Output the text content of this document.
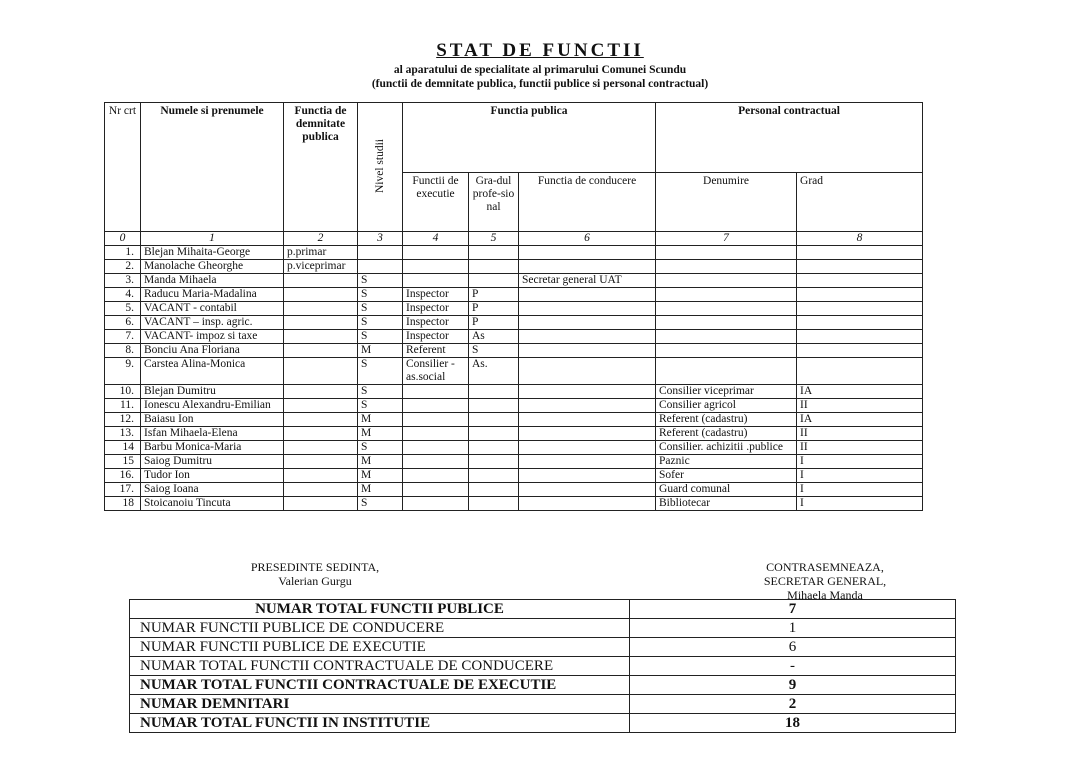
STAT DE FUNCTII
al aparatului de specialitate al primarului Comunei Scundu
(functii de demnitate publica, functii publice si personal contractual)
Nr crt	Numele si prenumele	Functia de demnitate publica	Nivel studii	Functia publica			Personal contractual	
				Functii de executie	Gra-dul profe-sional	Functia de conducere	Denumire	Grad
0	1	2	3	4	5	6	7	8
1.	Blejan Mihaita-George	p.primar						
2.	Manolache Gheorghe	p.viceprimar						
3.	Manda Mihaela		S			Secretar general UAT		
4.	Raducu Maria-Madalina		S	Inspector	P			
5.	VACANT - contabil		S	Inspector	P			
6.	VACANT – insp. agric.		S	Inspector	P			
7.	VACANT- impoz si taxe		S	Inspector	As			
8.	Bonciu Ana Floriana		M	Referent	S			
9.	Carstea Alina-Monica		S	Consilier - as.social	As.			
10.	Blejan Dumitru		S				Consilier viceprimar	IA
11.	Ionescu Alexandru-Emilian		S				Consilier agricol	II
12.	Baiasu Ion		M				Referent (cadastru)	IA
13.	Isfan Mihaela-Elena		M				Referent (cadastru)	II
14	Barbu Monica-Maria		S				Consilier. achizitii .publice	II
15	Saiog Dumitru		M				Paznic	I
16.	Tudor Ion		M				Sofer	I
17.	Saiog Ioana		M				Guard comunal	I
18	Stoicanoiu Tincuta		S				Bibliotecar	I
PRESEDINTE SEDINTA,
Valerian Gurgu
CONTRASEMNEAZA,
SECRETAR GENERAL,
Mihaela Manda
NUMAR TOTAL FUNCTII PUBLICE	7
NUMAR FUNCTII PUBLICE DE CONDUCERE	1
NUMAR FUNCTII PUBLICE DE EXECUTIE	6
NUMAR TOTAL FUNCTII CONTRACTUALE DE CONDUCERE	-
NUMAR TOTAL FUNCTII CONTRACTUALE DE EXECUTIE	9
NUMAR DEMNITARI	2
NUMAR TOTAL FUNCTII IN INSTITUTIE	18
